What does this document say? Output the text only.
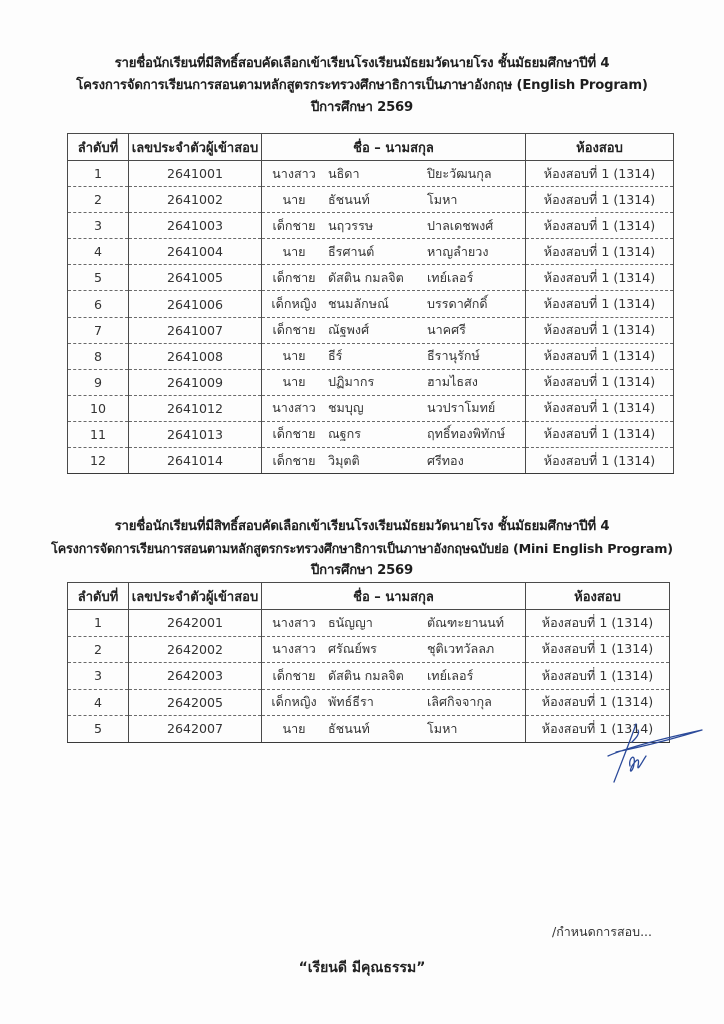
รายชื่อนักเรียนที่มีสิทธิ์สอบคัดเลือกเข้าเรียนโรงเรียนมัธยมวัดนายโรง ชั้นมัธยมศึกษาปีที่ 4
โครงการจัดการเรียนการสอนตามหลักสูตรกระทรวงศึกษาธิการเป็นภาษาอังกฤษ (English Program)
ปีการศึกษา 2569
ลำดับที่	เลขประจำตัวผู้เข้าสอบ	ชื่อ – นามสกุล	ห้องสอบ
1	2641001	นางสาว นธิดา ปิยะวัฒนกุล	ห้องสอบที่ 1 (1314)
2	2641002	นาย ธัชนนท์ โมหา	ห้องสอบที่ 1 (1314)
3	2641003	เด็กชาย นฤวรรษ ปาลเดชพงศ์	ห้องสอบที่ 1 (1314)
4	2641004	นาย ธีรศานต์ หาญลำยวง	ห้องสอบที่ 1 (1314)
5	2641005	เด็กชาย ดัสติน กมลจิต เทย์เลอร์	ห้องสอบที่ 1 (1314)
6	2641006	เด็กหญิง ชนมลักษณ์ บรรดาศักดิ์	ห้องสอบที่ 1 (1314)
7	2641007	เด็กชาย ณัฐพงศ์ นาคศรี	ห้องสอบที่ 1 (1314)
8	2641008	นาย ธีร์ ธีรานุรักษ์	ห้องสอบที่ 1 (1314)
9	2641009	นาย ปฏิมากร ฮามไธสง	ห้องสอบที่ 1 (1314)
10	2641012	นางสาว ชมบุญ นวปราโมทย์	ห้องสอบที่ 1 (1314)
11	2641013	เด็กชาย ณฐกร ฤทธิ์ทองพิทักษ์	ห้องสอบที่ 1 (1314)
12	2641014	เด็กชาย วิมุตติ ศรีทอง	ห้องสอบที่ 1 (1314)
รายชื่อนักเรียนที่มีสิทธิ์สอบคัดเลือกเข้าเรียนโรงเรียนมัธยมวัดนายโรง ชั้นมัธยมศึกษาปีที่ 4
โครงการจัดการเรียนการสอนตามหลักสูตรกระทรวงศึกษาธิการเป็นภาษาอังกฤษฉบับย่อ (Mini English Program)
ปีการศึกษา 2569
ลำดับที่	เลขประจำตัวผู้เข้าสอบ	ชื่อ – นามสกุล	ห้องสอบ
1	2642001	นางสาว ธนัญญา ตัณฑะยานนท์	ห้องสอบที่ 1 (1314)
2	2642002	นางสาว ศรัณย์พร ชุติเวทวัลลภ	ห้องสอบที่ 1 (1314)
3	2642003	เด็กชาย ดัสติน กมลจิต เทย์เลอร์	ห้องสอบที่ 1 (1314)
4	2642005	เด็กหญิง พัทธ์ธีรา เลิศกิจจากุล	ห้องสอบที่ 1 (1314)
5	2642007	นาย ธัชนนท์ โมหา	ห้องสอบที่ 1 (1314)
/กำหนดการสอบ...
“เรียนดี มีคุณธรรม”
